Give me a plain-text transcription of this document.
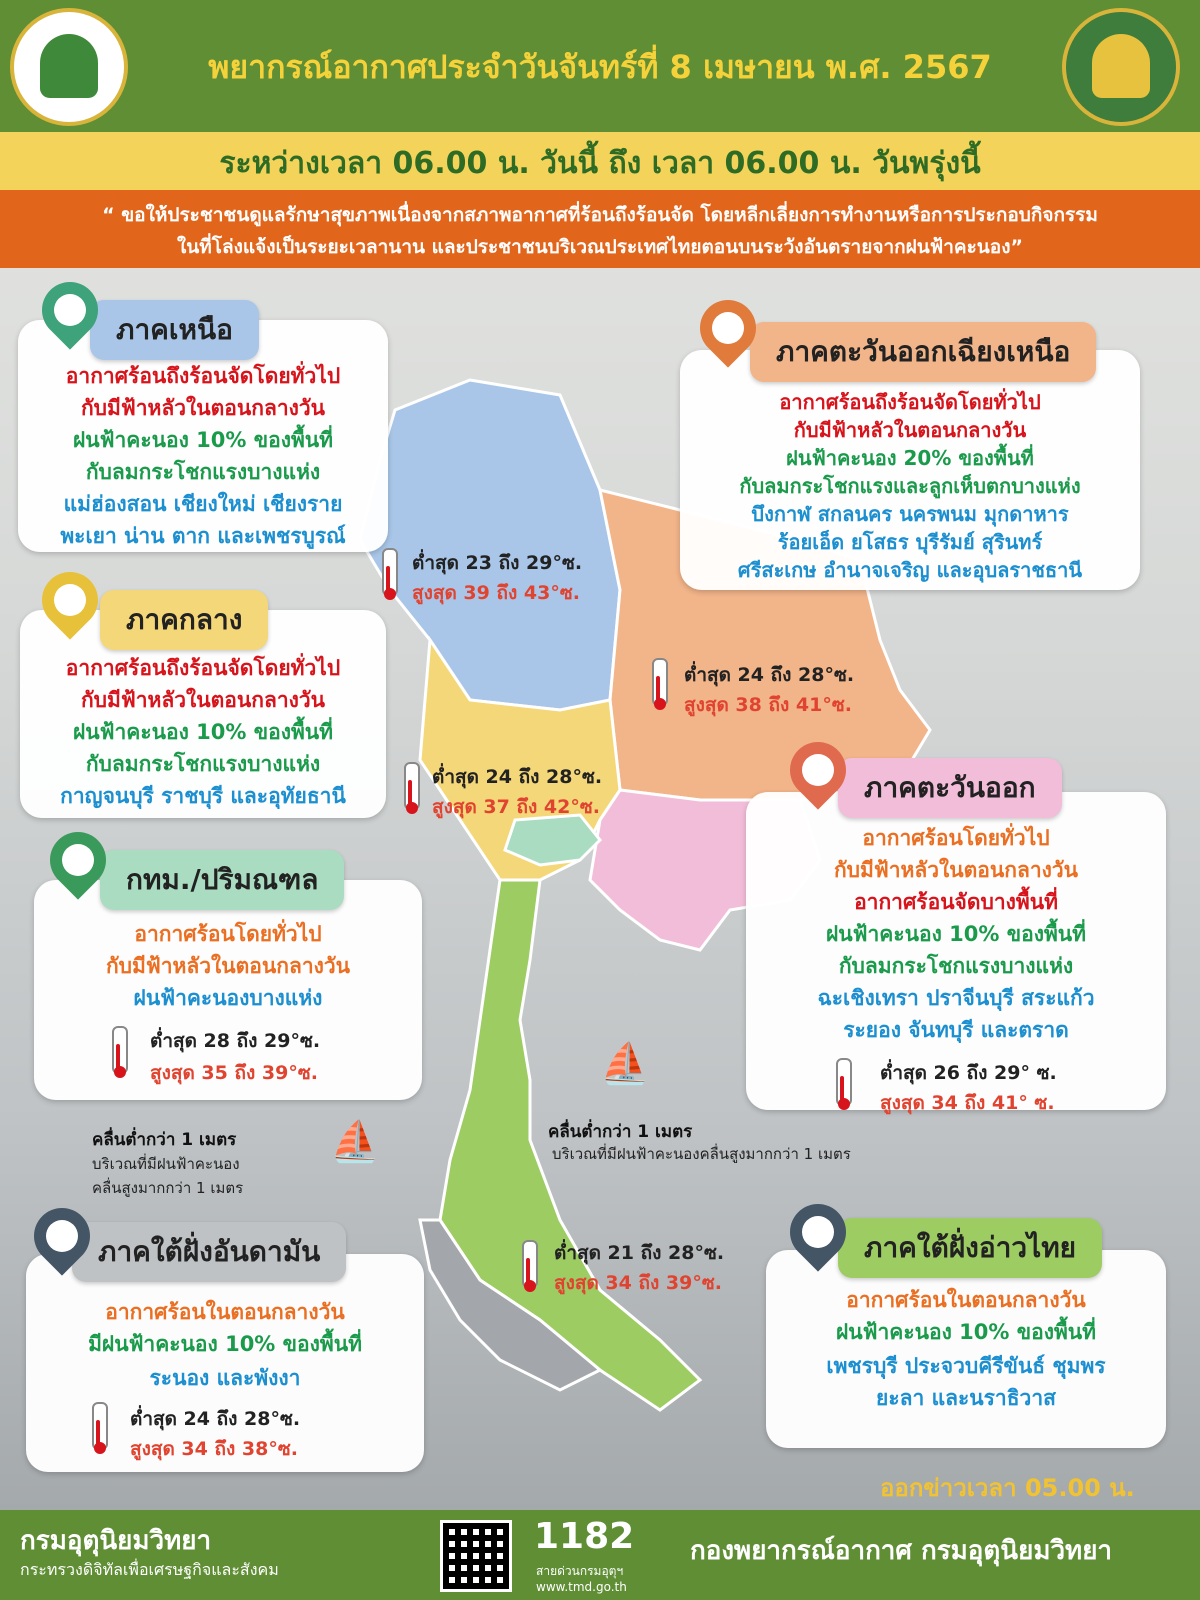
พยากรณ์อากาศประจำวันจันทร์ที่ 8 เมษายน พ.ศ. 2567
ระหว่างเวลา 06.00 น. วันนี้ ถึง เวลา 06.00 น. วันพรุ่งนี้
“ ขอให้ประชาชนดูแลรักษาสุขภาพเนื่องจากสภาพอากาศที่ร้อนถึงร้อนจัด โดยหลีกเลี่ยงการทำงานหรือการประกอบกิจกรรม
ในที่โล่งแจ้งเป็นระยะเวลานาน และประชาชนบริเวณประเทศไทยตอนบนระวังอันตรายจากฝนฟ้าคะนอง”
ภาคเหนือ
อากาศร้อนถึงร้อนจัดโดยทั่วไป
กับมีฟ้าหลัวในตอนกลางวัน
ฝนฟ้าคะนอง 10% ของพื้นที่
กับลมกระโชกแรงบางแห่ง
แม่ฮ่องสอน เชียงใหม่ เชียงราย
พะเยา น่าน ตาก และเพชรบูรณ์
ต่ำสุด 23 ถึง 29°ซ.
สูงสุด 39 ถึง 43°ซ.
ภาคตะวันออกเฉียงเหนือ
อากาศร้อนถึงร้อนจัดโดยทั่วไป
กับมีฟ้าหลัวในตอนกลางวัน
ฝนฟ้าคะนอง 20% ของพื้นที่
กับลมกระโชกแรงและลูกเห็บตกบางแห่ง
บึงกาฬ สกลนคร นครพนม มุกดาหาร
ร้อยเอ็ด ยโสธร บุรีรัมย์ สุรินทร์
ศรีสะเกษ อำนาจเจริญ และอุบลราชธานี
ต่ำสุด 24 ถึง 28°ซ.
สูงสุด 38 ถึง 41°ซ.
ภาคกลาง
อากาศร้อนถึงร้อนจัดโดยทั่วไป
กับมีฟ้าหลัวในตอนกลางวัน
ฝนฟ้าคะนอง 10% ของพื้นที่
กับลมกระโชกแรงบางแห่ง
กาญจนบุรี ราชบุรี และอุทัยธานี
ต่ำสุด 24 ถึง 28°ซ.
สูงสุด 37 ถึง 42°ซ.
กทม./ปริมณฑล
อากาศร้อนโดยทั่วไป
กับมีฟ้าหลัวในตอนกลางวัน
ฝนฟ้าคะนองบางแห่ง
ต่ำสุด 28 ถึง 29°ซ.
สูงสุด 35 ถึง 39°ซ.
ภาคตะวันออก
อากาศร้อนโดยทั่วไป
กับมีฟ้าหลัวในตอนกลางวัน
อากาศร้อนจัดบางพื้นที่
ฝนฟ้าคะนอง 10% ของพื้นที่
กับลมกระโชกแรงบางแห่ง
ฉะเชิงเทรา ปราจีนบุรี สระแก้ว
ระยอง จันทบุรี และตราด
ต่ำสุด 26 ถึง 29° ซ.
สูงสุด 34 ถึง 41° ซ.
⛵
คลื่นต่ำกว่า 1 เมตร
บริเวณที่มีฝนฟ้าคะนองคลื่นสูงมากกว่า 1 เมตร
⛵
คลื่นต่ำกว่า 1 เมตร
บริเวณที่มีฝนฟ้าคะนอง
คลื่นสูงมากกว่า 1 เมตร
ภาคใต้ฝั่งอันดามัน
อากาศร้อนในตอนกลางวัน
มีฝนฟ้าคะนอง 10% ของพื้นที่
ระนอง และพังงา
ต่ำสุด 24 ถึง 28°ซ.
สูงสุด 34 ถึง 38°ซ.
ต่ำสุด 21 ถึง 28°ซ.
สูงสุด 34 ถึง 39°ซ.
ภาคใต้ฝั่งอ่าวไทย
อากาศร้อนในตอนกลางวัน
ฝนฟ้าคะนอง 10% ของพื้นที่
เพชรบุรี ประจวบคีรีขันธ์ ชุมพร
ยะลา และนราธิวาส
ออกข่าวเวลา 05.00 น.
กรมอุตุนิยมวิทยา
กระทรวงดิจิทัลเพื่อเศรษฐกิจและสังคม
1182
สายด่วนกรมอุตุฯ
www.tmd.go.th
กองพยากรณ์อากาศ กรมอุตุนิยมวิทยา
